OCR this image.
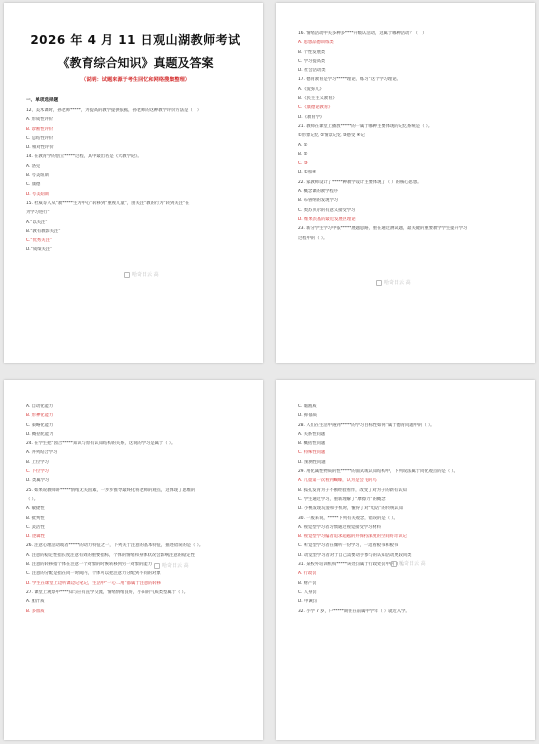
2026 年 4 月 11 日观山湖教师考试
《教育综合知识》真题及答案
（说明：试题来源于考生回忆和网络搜集整理）
一、单项选择题
12、美术课时，孙老师*****，为提高的教学提供依据，孙老师的这种教学评价方法是（　）
A. 形成性评价
B. 诊断性评价
C. 总结性评价
D. 相对性评价
14. 在教育学的创立*****过程，其中最出名是《大教学论》。
A. 洛克
B. 夸美纽斯
C. 康德
D. 夸美纽斯
15. 杜威等人从“教*****生为中心”转移到“重视儿童”，由关注“教的行为”转到关注“在
为学习进行”
A.“以关注”
B.“教有教影关注”
C.“优秀关注”
D.“成绩关注”
哈奇日云 高
16. 情绪活动中关多种多****升级认活动，这属于哪种活动？（　）
A. 思想品德训练类
B. 个性发展类
C. 学习提高类
D. 社会活动类
17. 德育教育是学习*****理论、练习”这个学习理论。
A.《爱弥儿》
B.《民主主义教育》
C.《康德论教育》
D.《教育学》
21. 教师在课堂上播放*****的一属于哪种主要体现的记忆系统是（ ）。
①形象记忆 ②情景记忆 ③感受 ④记
A. ①
B. ②
C. ③
D. ①和④
22. 家教师设计了*****种教学设计主要体现了（ ）的核心思想。
A. 概念课的教学程序
B. 布鲁纳的发现学习
C. 奥苏贝尔的有意义接受学习
D. 维果茨基的最近发展区理论
23. 新分学生学习中依*****展题思路，重在通过测试题，最关键的重要教学学生提升学习
过程中的（ ）。
哈奇日云 高
A. 自动化能力
B. 形神化能力
C. 策略化能力
D. 概括化能力
24. 在学生把“园合*****知识与原有认知结构的关系，这说的学习是属于（ ）。
A. 并列结合学习
B. 上位学习
C. 下位学习
D. 类属学习
25. 如果说教师讲*****情绪无关因素，一步步推导最终化将老师的观点，这体现了思维的
（ ）。
A. 敏捷性
B. 批判性
C. 灵活性
D. 逻辑性
26. 注意心理活动或者*****的动力特征之一，下列关于注意的基本特征，描述错误的是（ ）。
A. 注意的稳定性指长度注意有效的重要指标，个体的情绪和身体状况会影响注意的稳定性
B. 注意的转移指个体在注意一个对象的时候转移到另一对象的能力
C. 注意的分配是指在同一时间内，个体可以把注意力分配到不同的对象
D. 学生在课堂上边听课边记笔记，生活中“一心二用”都属于注意的转移
27. 课堂上观察中****知与应有直学交流，情绪情绪良好，小田的气质类型属于（ ）。
A. 胆汁质
B. 多血质
哈奇日云 高
C. 黏液质
D. 抑郁质
28. 人们在生活中遇到*****的学习目标性如何”属于德育问题中的（ ）。
A. 关系性问题
B. 概括性问题
C. 特殊性问题
D. 预测性问题
29. 用化属性物质的性*****的面式或认知结构中，下列说法属于同化观点的是（ ）。
A. 儿童第一次看到蝴蝶，认为是会飞的鸟
B. 狐孔发育为子不断经验看作，改变了对为子的新有认知
C. 学生通过学习，重新理解了“摩擦力”的概念
D. 小桃发现玩耍和手机时，懂得了对“电话”的传统认知
30. 一般来说，*****下列有关观念，错误的是（ ）。
A. 视觉型学习者习惯通过视觉接受学习材料
B. 视觉型学习偏者追求超越的并保持深度的空间好奇识记
C. 听觉型学习者在倾听一份学习，一边看板书和板书
D. 动觉型学习者对于自己需要动手参与的认知活动更较同类
31. 某校外培训机构*****该处罚属于行政处罚中的（ ）。
A. 行政罚
B. 财产罚
C. 人身罚
D. 申诫罚
32. 小学 7 岁，户*****期住在前属中学年（ ）就近入学。
哈奇日云 高
